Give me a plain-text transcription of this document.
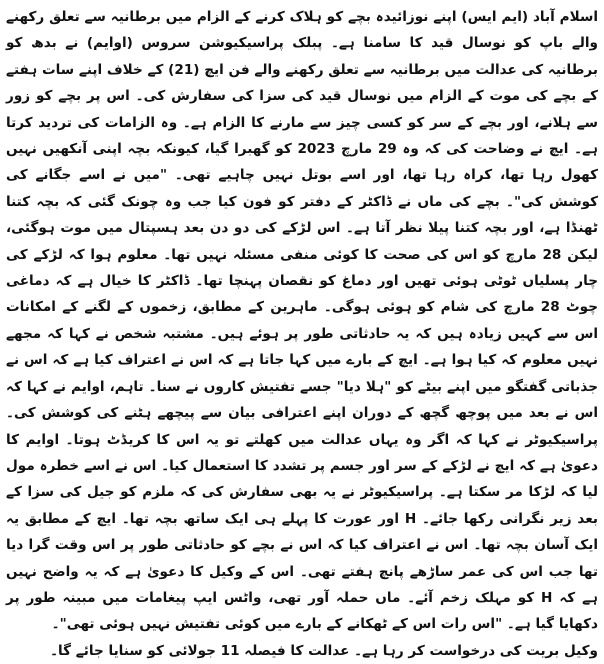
اسلام آباد (ایم ایس) اپنے نوزائیدہ بچے کو ہلاک کرنے کے الزام میں برطانیہ سے تعلق رکھنے والے باپ کو نوسال قید کا سامنا ہے۔ پبلک پراسیکیوشن سروس (اوایم) نے بدھ کو برطانیہ کی عدالت میں برطانیہ سے تعلق رکھنے والے فن ایچ (21) کے خلاف اپنے سات ہفتے کے بچے کی موت کے الزام میں نوسال قید کی سزا کی سفارش کی۔ اس پر بچے کو زور سے ہلانے، اور بچے کے سر کو کسی چیز سے مارنے کا الزام ہے۔ وہ الزامات کی تردید کرتا ہے۔ ایچ نے وضاحت کی کہ وہ 29 مارچ 2023 کو گھبرا گیا، کیونکہ بچہ اپنی آنکھیں نہیں کھول رہا تھا، کراہ رہا تھا، اور اسے بوتل نہیں چاہیے تھی۔ "میں نے اسے جگانے کی کوشش کی"۔ بچے کی ماں نے ڈاکٹر کے دفتر کو فون کیا جب وہ چونک گئی کہ بچہ کتنا ٹھنڈا ہے، اور بچہ کتنا پیلا نظر آتا ہے۔ اس لڑکے کی دو دن بعد ہسپتال میں موت ہوگئی، لیکن 28 مارچ کو اس کی صحت کا کوئی منفی مسئلہ نہیں تھا۔ معلوم ہوا کہ لڑکے کی چار پسلیاں ٹوٹی ہوئی تھیں اور دماغ کو نقصان پہنچا تھا۔ ڈاکٹر کا خیال ہے کہ دماغی چوٹ 28 مارچ کی شام کو ہوئی ہوگی۔ ماہرین کے مطابق، زخموں کے لگنے کے امکانات اس سے کہیں زیادہ ہیں کہ یہ حادثاتی طور پر ہوئے ہیں۔ مشتبہ شخص نے کہا کہ مجھے نہیں معلوم کہ کیا ہوا ہے۔ ایچ کے بارے میں کہا جاتا ہے کہ اس نے اعتراف کیا ہے کہ اس نے جذباتی گفتگو میں اپنے بیٹے کو "ہلا دیا" جسے تفتیش کاروں نے سنا۔ تاہم، اوایم نے کہا کہ اس نے بعد میں پوچھ گچھ کے دوران اپنے اعترافی بیان سے پیچھے ہٹنے کی کوشش کی۔ پراسیکیوٹر نے کہا کہ اگر وہ یہاں عدالت میں کھلتے تو یہ اس کا کریڈٹ ہوتا۔ اوایم کا دعویٰ ہے کہ ایچ نے لڑکے کے سر اور جسم پر تشدد کا استعمال کیا۔ اس نے اسے خطرہ مول لیا کہ لڑکا مر سکتا ہے۔ پراسیکیوٹر نے یہ بھی سفارش کی کہ ملزم کو جیل کی سزا کے بعد زیر نگرانی رکھا جائے۔ H اور عورت کا پہلے ہی ایک ساتھ بچہ تھا۔ ایچ کے مطابق یہ ایک آسان بچہ تھا۔ اس نے اعتراف کیا کہ اس نے بچے کو حادثاتی طور پر اس وقت گرا دیا تھا جب اس کی عمر ساڑھے پانچ ہفتے تھی۔ اس کے وکیل کا دعویٰ ہے کہ یہ واضح نہیں ہے کہ H کو مہلک زخم آئے۔ ماں حملہ آور تھی، واٹس ایپ پیغامات میں مبینہ طور پر دکھایا گیا ہے۔ "اس رات اس کے ٹھکانے کے بارے میں کوئی تفتیش نہیں ہوئی تھی"۔

وکیل بریت کی درخواست کر رہا ہے۔ عدالت کا فیصلہ 11 جولائی کو سنایا جائے گا۔
